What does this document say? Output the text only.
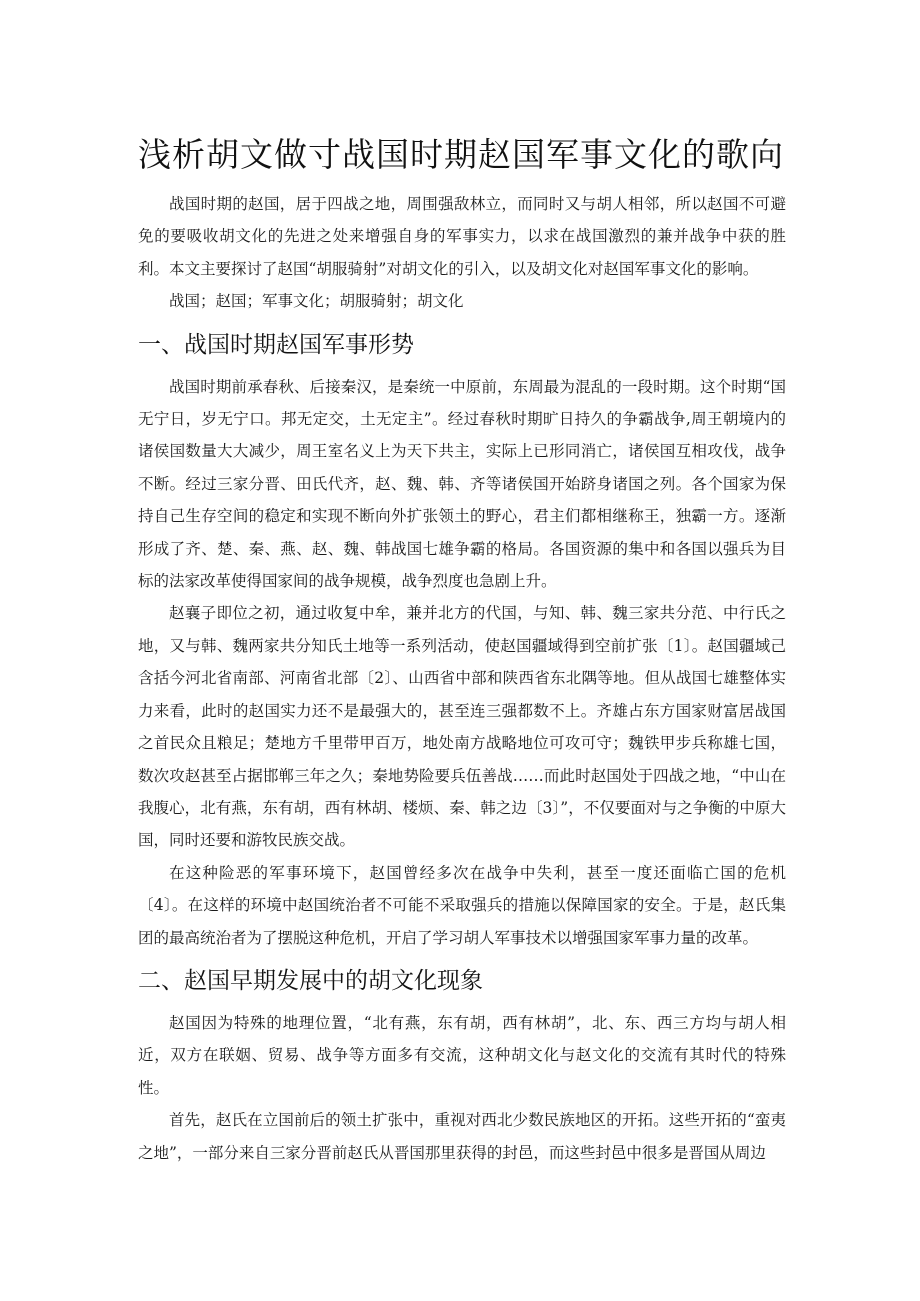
浅析胡文做寸战国时期赵国军事文化的歌向

战国时期的赵国，居于四战之地，周围强敌林立，而同时又与胡人相邻，所以赵国不可避免的要吸收胡文化的先进之处来增强自身的军事实力，以求在战国激烈的兼并战争中获的胜利。本文主要探讨了赵国“胡服骑射”对胡文化的引入，以及胡文化对赵国军事文化的影响。

战国；赵国；军事文化；胡服骑射；胡文化

一、战国时期赵国军事形势

战国时期前承春秋、后接秦汉，是秦统一中原前，东周最为混乱的一段时期。这个时期“国无宁日，岁无宁口。邦无定交，土无定主”。经过春秋时期旷日持久的争霸战争,周王朝境内的诸侯国数量大大减少，周王室名义上为天下共主，实际上已形同消亡，诸侯国互相攻伐，战争不断。经过三家分晋、田氏代齐，赵、魏、韩、齐等诸侯国开始跻身诸国之列。各个国家为保持自己生存空间的稳定和实现不断向外扩张领土的野心，君主们都相继称王，独霸一方。逐渐形成了齐、楚、秦、燕、赵、魏、韩战国七雄争霸的格局。各国资源的集中和各国以强兵为目标的法家改革使得国家间的战争规模，战争烈度也急剧上升。

赵襄子即位之初，通过收复中牟，兼并北方的代国，与知、韩、魏三家共分范、中行氏之地，又与韩、魏两家共分知氏土地等一系列活动，使赵国疆域得到空前扩张〔1〕。赵国疆域己含括今河北省南部、河南省北部〔2〕、山西省中部和陕西省东北隅等地。但从战国七雄整体实力来看，此时的赵国实力还不是最强大的，甚至连三强都数不上。齐雄占东方国家财富居战国之首民众且粮足；楚地方千里带甲百万，地处南方战略地位可攻可守；魏铁甲步兵称雄七国，数次攻赵甚至占据邯郸三年之久；秦地势险要兵伍善战……而此时赵国处于四战之地，“中山在我腹心，北有燕，东有胡，西有林胡、楼烦、秦、韩之边〔3〕”，不仅要面对与之争衡的中原大国，同时还要和游牧民族交战。

在这种险恶的军事环境下，赵国曾经多次在战争中失利，甚至一度还面临亡国的危机〔4〕。在这样的环境中赵国统治者不可能不采取强兵的措施以保障国家的安全。于是，赵氏集团的最高统治者为了摆脱这种危机，开启了学习胡人军事技术以增强国家军事力量的改革。

二、赵国早期发展中的胡文化现象

赵国因为特殊的地理位置，“北有燕，东有胡，西有林胡”，北、东、西三方均与胡人相近，双方在联姻、贸易、战争等方面多有交流，这种胡文化与赵文化的交流有其时代的特殊性。

首先，赵氏在立国前后的领土扩张中，重视对西北少数民族地区的开拓。这些开拓的“蛮夷之地”，一部分来自三家分晋前赵氏从晋国那里获得的封邑，而这些封邑中很多是晋国从周边
